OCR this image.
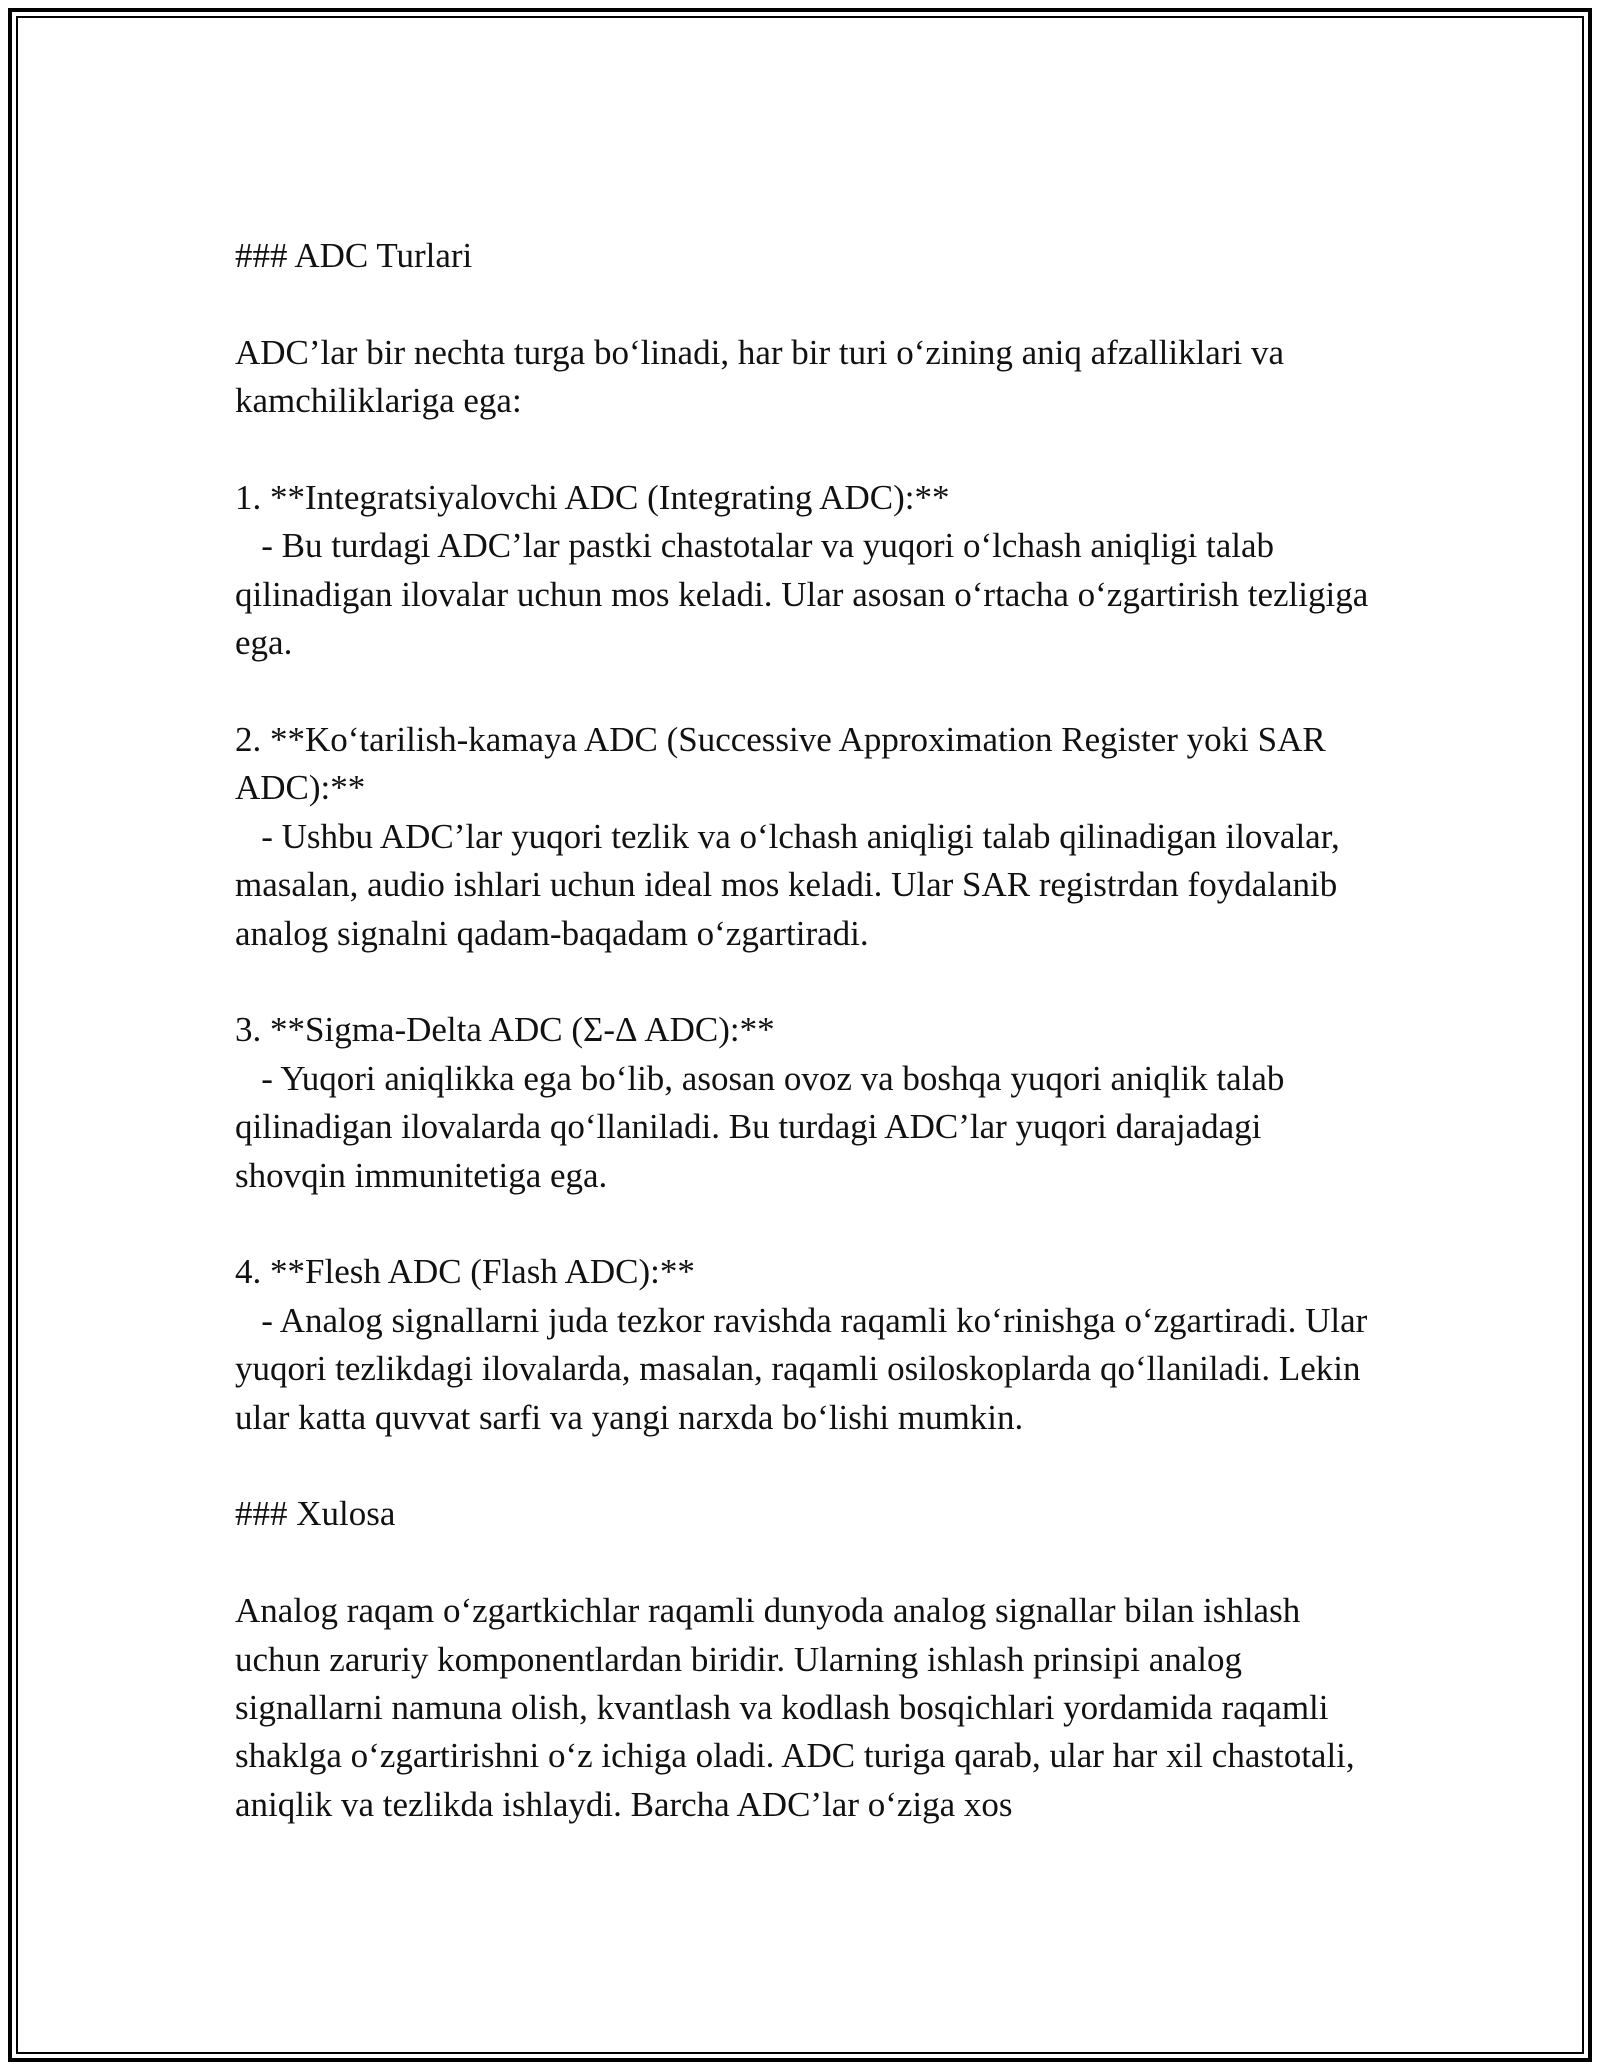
### ADC Turlari

ADC’lar bir nechta turga bo‘linadi, har bir turi o‘zining aniq afzalliklari va kamchiliklariga ega:

1. **Integratsiyalovchi ADC (Integrating ADC):**

- Bu turdagi ADC’lar pastki chastotalar va yuqori o‘lchash aniqligi talab qilinadigan ilovalar uchun mos keladi. Ular asosan o‘rtacha o‘zgartirish tezligiga ega.

2. **Ko‘tarilish-kamaya ADC (Successive Approximation Register yoki SAR ADC):**

- Ushbu ADC’lar yuqori tezlik va o‘lchash aniqligi talab qilinadigan ilovalar, masalan, audio ishlari uchun ideal mos keladi. Ular SAR registrdan foydalanib analog signalni qadam-baqadam o‘zgartiradi.

3. **Sigma-Delta ADC (Σ-Δ ADC):**

- Yuqori aniqlikka ega bo‘lib, asosan ovoz va boshqa yuqori aniqlik talab qilinadigan ilovalarda qo‘llaniladi. Bu turdagi ADC’lar yuqori darajadagi shovqin immunitetiga ega.

4. **Flesh ADC (Flash ADC):**

- Analog signallarni juda tezkor ravishda raqamli ko‘rinishga o‘zgartiradi. Ular yuqori tezlikdagi ilovalarda, masalan, raqamli osiloskoplarda qo‘llaniladi. Lekin ular katta quvvat sarfi va yangi narxda bo‘lishi mumkin.

### Xulosa

Analog raqam o‘zgartkichlar raqamli dunyoda analog signallar bilan ishlash uchun zaruriy komponentlardan biridir. Ularning ishlash prinsipi analog signallarni namuna olish, kvantlash va kodlash bosqichlari yordamida raqamli shaklga o‘zgartirishni o‘z ichiga oladi. ADC turiga qarab, ular har xil chastotali, aniqlik va tezlikda ishlaydi. Barcha ADC’lar o‘ziga xos
